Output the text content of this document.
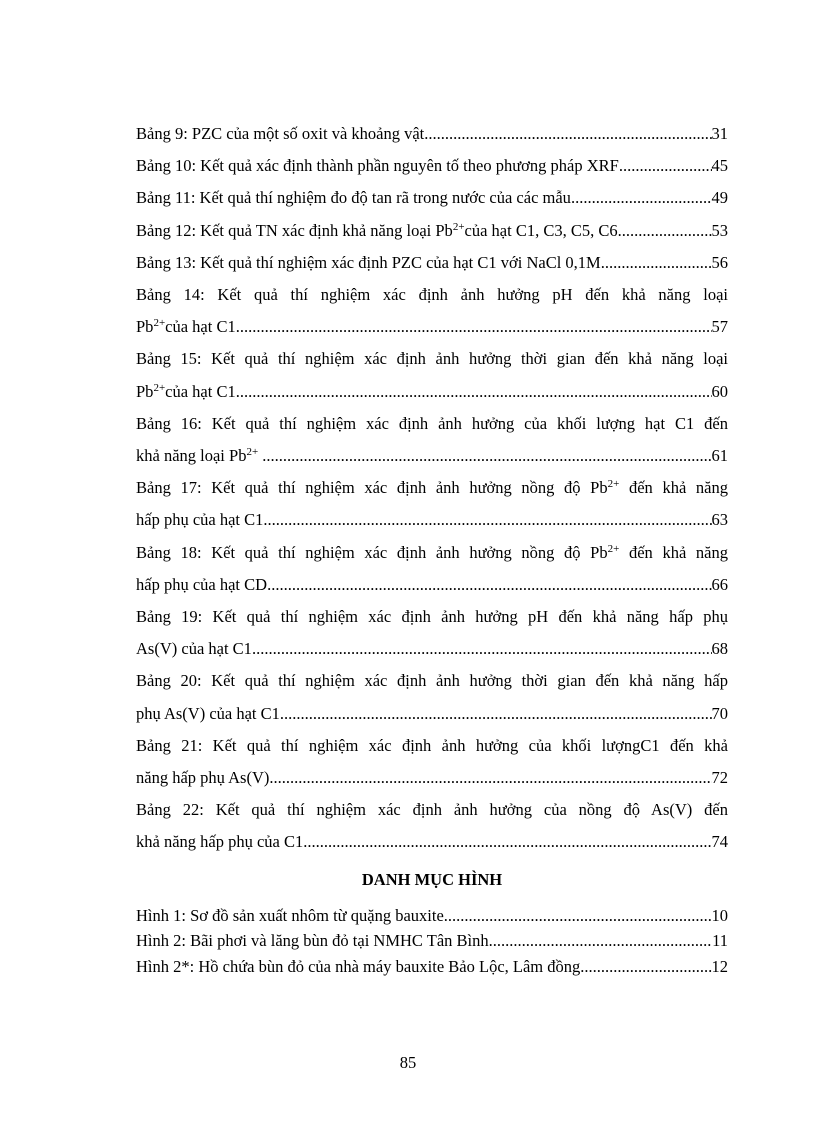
Bảng 9: PZC của một số oxit và khoảng vật .....	31
Bảng 10: Kết quả xác định thành phần nguyên tố theo phương pháp XRF .....	45
Bảng 11: Kết quả thí nghiệm đo độ tan rã trong nước của các mẫu .....	49
Bảng 12: Kết quả TN xác định khả năng loại $Pb^{2+}của$ hạt C1, C3, C5, C6 .....	53
Bảng 13: Kết quả thí nghiệm xác định PZC của hạt C1 với NaCl 0,1M .....	56
Bảng 14: Kết quả thí nghiệm xác định ảnh hưởng pH đến khả năng loại
$Pb^{2+}của$ hạt C1 .....	57
Bảng 15: Kết quả thí nghiệm xác định ảnh hưởng thời gian đến khả năng loại
$Pb^{2+}của$ hạt C1 .....	60
Bảng 16: Kết quả thí nghiệm xác định ảnh hưởng của khối lượng hạt C1 đến
khả năng loại $Pb^{2+}$ .....	61
Bảng 17: Kết quả thí nghiệm xác định ảnh hưởng nồng độ $Pb^{2+}$ đến khả năng
hấp phụ của hạt C1 .....	63
Bảng 18: Kết quả thí nghiệm xác định ảnh hưởng nồng độ $Pb^{2+}$ đến khả năng
hấp phụ của hạt CD .....	66
Bảng 19: Kết quả thí nghiệm xác định ảnh hưởng pH đến khả năng hấp phụ
As(V) của hạt C1 .....	68
Bảng 20: Kết quả thí nghiệm xác định ảnh hưởng thời gian đến khả năng hấp
phụ As(V) của hạt C1 .....	70
Bảng 21: Kết quả thí nghiệm xác định ảnh hưởng của khối lượngC1 đến khả
năng hấp phụ As(V) .....	72
Bảng 22: Kết quả thí nghiệm xác định ảnh hưởng của nồng độ As(V) đến
khả năng hấp phụ của C1 .....	74
DANH MỤC HÌNH
Hình 1: Sơ đồ sản xuất nhôm từ quặng bauxite .....	10
Hình 2: Bãi phơi và lăng bùn đỏ tại NMHC Tân Bình .....	11
Hình 2*: Hồ chứa bùn đỏ của nhà máy bauxite Bảo Lộc, Lâm đồng .....	12
85
